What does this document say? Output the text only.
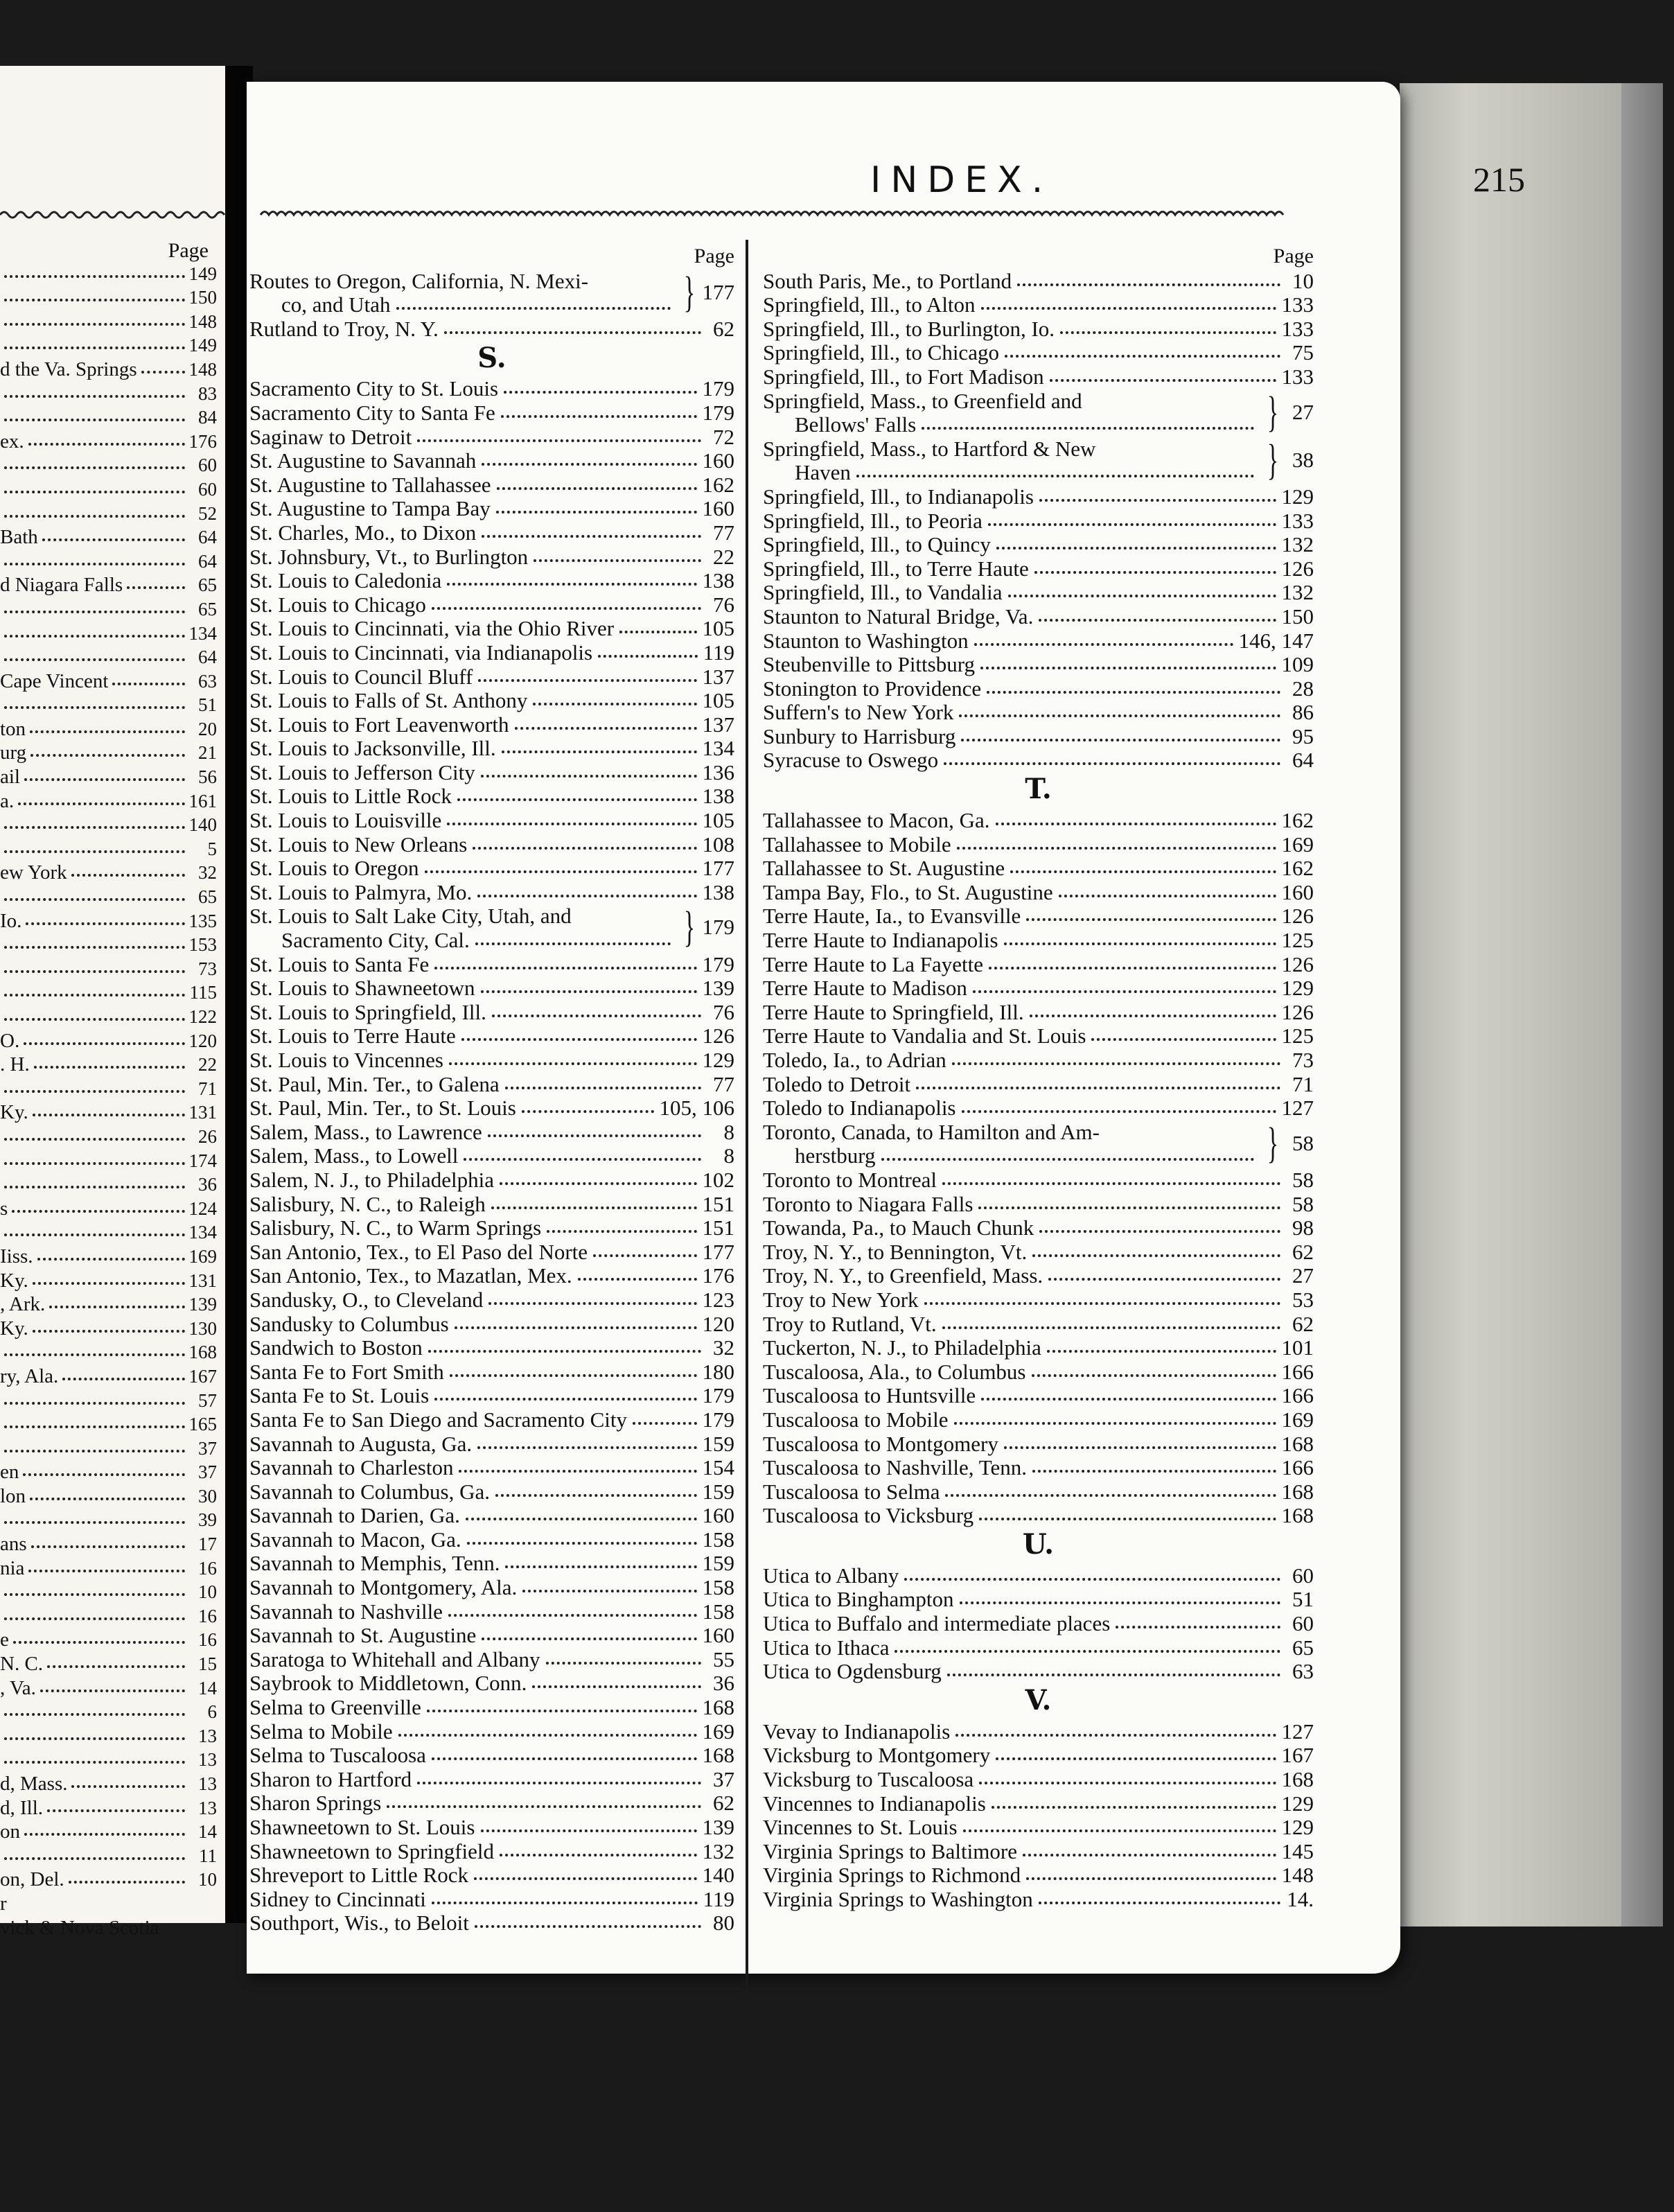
Page
149
150
148
149
d the Va. Springs	148
83
84
ex.	176
60
60
52
Bath	64
64
d Niagara Falls	65
65
134
64
Cape Vincent	63
51
ton	20
urg	21
ail	56
a.	161
140
5
ew York	32
65
Io.	135
153
73
115
122
O.	120
. H.	22
71
Ky.	131
26
174
36
s	124
134
Iiss.	169
Ky.	131
, Ark.	139
Ky.	130
168
ry, Ala.	167
57
165
37
en	37
lon	30
39
ans	17
nia	16
10
16
e	16
N. C.	15
, Va.	14
6
13
13
d, Mass.	13
d, Ill.	13
on	14
11
on, Del.	10
r
vick & Nova Scotia
INDEX.	215
Page
Routes to Oregon, California, N. Mexi-
co, and Utah	} 177
Rutland to Troy, N. Y.	62
S.
Sacramento City to St. Louis	179
Sacramento City to Santa Fe	179
Saginaw to Detroit	72
St. Augustine to Savannah	160
St. Augustine to Tallahassee	162
St. Augustine to Tampa Bay	160
St. Charles, Mo., to Dixon	77
St. Johnsbury, Vt., to Burlington	22
St. Louis to Caledonia	138
St. Louis to Chicago	76
St. Louis to Cincinnati, via the Ohio River	105
St. Louis to Cincinnati, via Indianapolis	119
St. Louis to Council Bluff	137
St. Louis to Falls of St. Anthony	105
St. Louis to Fort Leavenworth	137
St. Louis to Jacksonville, Ill.	134
St. Louis to Jefferson City	136
St. Louis to Little Rock	138
St. Louis to Louisville	105
St. Louis to New Orleans	108
St. Louis to Oregon	177
St. Louis to Palmyra, Mo.	138
St. Louis to Salt Lake City, Utah, and
Sacramento City, Cal.	} 179
St. Louis to Santa Fe	179
St. Louis to Shawneetown	139
St. Louis to Springfield, Ill.	76
St. Louis to Terre Haute	126
St. Louis to Vincennes	129
St. Paul, Min. Ter., to Galena	77
St. Paul, Min. Ter., to St. Louis	105, 106
Salem, Mass., to Lawrence	8
Salem, Mass., to Lowell	8
Salem, N. J., to Philadelphia	102
Salisbury, N. C., to Raleigh	151
Salisbury, N. C., to Warm Springs	151
San Antonio, Tex., to El Paso del Norte	177
San Antonio, Tex., to Mazatlan, Mex.	176
Sandusky, O., to Cleveland	123
Sandusky to Columbus	120
Sandwich to Boston	32
Santa Fe to Fort Smith	180
Santa Fe to St. Louis	179
Santa Fe to San Diego and Sacramento City	179
Savannah to Augusta, Ga.	159
Savannah to Charleston	154
Savannah to Columbus, Ga.	159
Savannah to Darien, Ga.	160
Savannah to Macon, Ga.	158
Savannah to Memphis, Tenn.	159
Savannah to Montgomery, Ala.	158
Savannah to Nashville	158
Savannah to St. Augustine	160
Saratoga to Whitehall and Albany	55
Saybrook to Middletown, Conn.	36
Selma to Greenville	168
Selma to Mobile	169
Selma to Tuscaloosa	168
Sharon to Hartford	37
Sharon Springs	62
Shawneetown to St. Louis	139
Shawneetown to Springfield	132
Shreveport to Little Rock	140
Sidney to Cincinnati	119
Southport, Wis., to Beloit	80
Page
South Paris, Me., to Portland	10
Springfield, Ill., to Alton	133
Springfield, Ill., to Burlington, Io.	133
Springfield, Ill., to Chicago	75
Springfield, Ill., to Fort Madison	133
Springfield, Mass., to Greenfield and
Bellows' Falls	} 27
Springfield, Mass., to Hartford & New
Haven	} 38
Springfield, Ill., to Indianapolis	129
Springfield, Ill., to Peoria	133
Springfield, Ill., to Quincy	132
Springfield, Ill., to Terre Haute	126
Springfield, Ill., to Vandalia	132
Staunton to Natural Bridge, Va.	150
Staunton to Washington	146, 147
Steubenville to Pittsburg	109
Stonington to Providence	28
Suffern's to New York	86
Sunbury to Harrisburg	95
Syracuse to Oswego	64
T.
Tallahassee to Macon, Ga.	162
Tallahassee to Mobile	169
Tallahassee to St. Augustine	162
Tampa Bay, Flo., to St. Augustine	160
Terre Haute, Ia., to Evansville	126
Terre Haute to Indianapolis	125
Terre Haute to La Fayette	126
Terre Haute to Madison	129
Terre Haute to Springfield, Ill.	126
Terre Haute to Vandalia and St. Louis	125
Toledo, Ia., to Adrian	73
Toledo to Detroit	71
Toledo to Indianapolis	127
Toronto, Canada, to Hamilton and Am-
herstburg	} 58
Toronto to Montreal	58
Toronto to Niagara Falls	58
Towanda, Pa., to Mauch Chunk	98
Troy, N. Y., to Bennington, Vt.	62
Troy, N. Y., to Greenfield, Mass.	27
Troy to New York	53
Troy to Rutland, Vt.	62
Tuckerton, N. J., to Philadelphia	101
Tuscaloosa, Ala., to Columbus	166
Tuscaloosa to Huntsville	166
Tuscaloosa to Mobile	169
Tuscaloosa to Montgomery	168
Tuscaloosa to Nashville, Tenn.	166
Tuscaloosa to Selma	168
Tuscaloosa to Vicksburg	168
U.
Utica to Albany	60
Utica to Binghampton	51
Utica to Buffalo and intermediate places	60
Utica to Ithaca	65
Utica to Ogdensburg	63
V.
Vevay to Indianapolis	127
Vicksburg to Montgomery	167
Vicksburg to Tuscaloosa	168
Vincennes to Indianapolis	129
Vincennes to St. Louis	129
Virginia Springs to Baltimore	145
Virginia Springs to Richmond	148
Virginia Springs to Washington	14.
